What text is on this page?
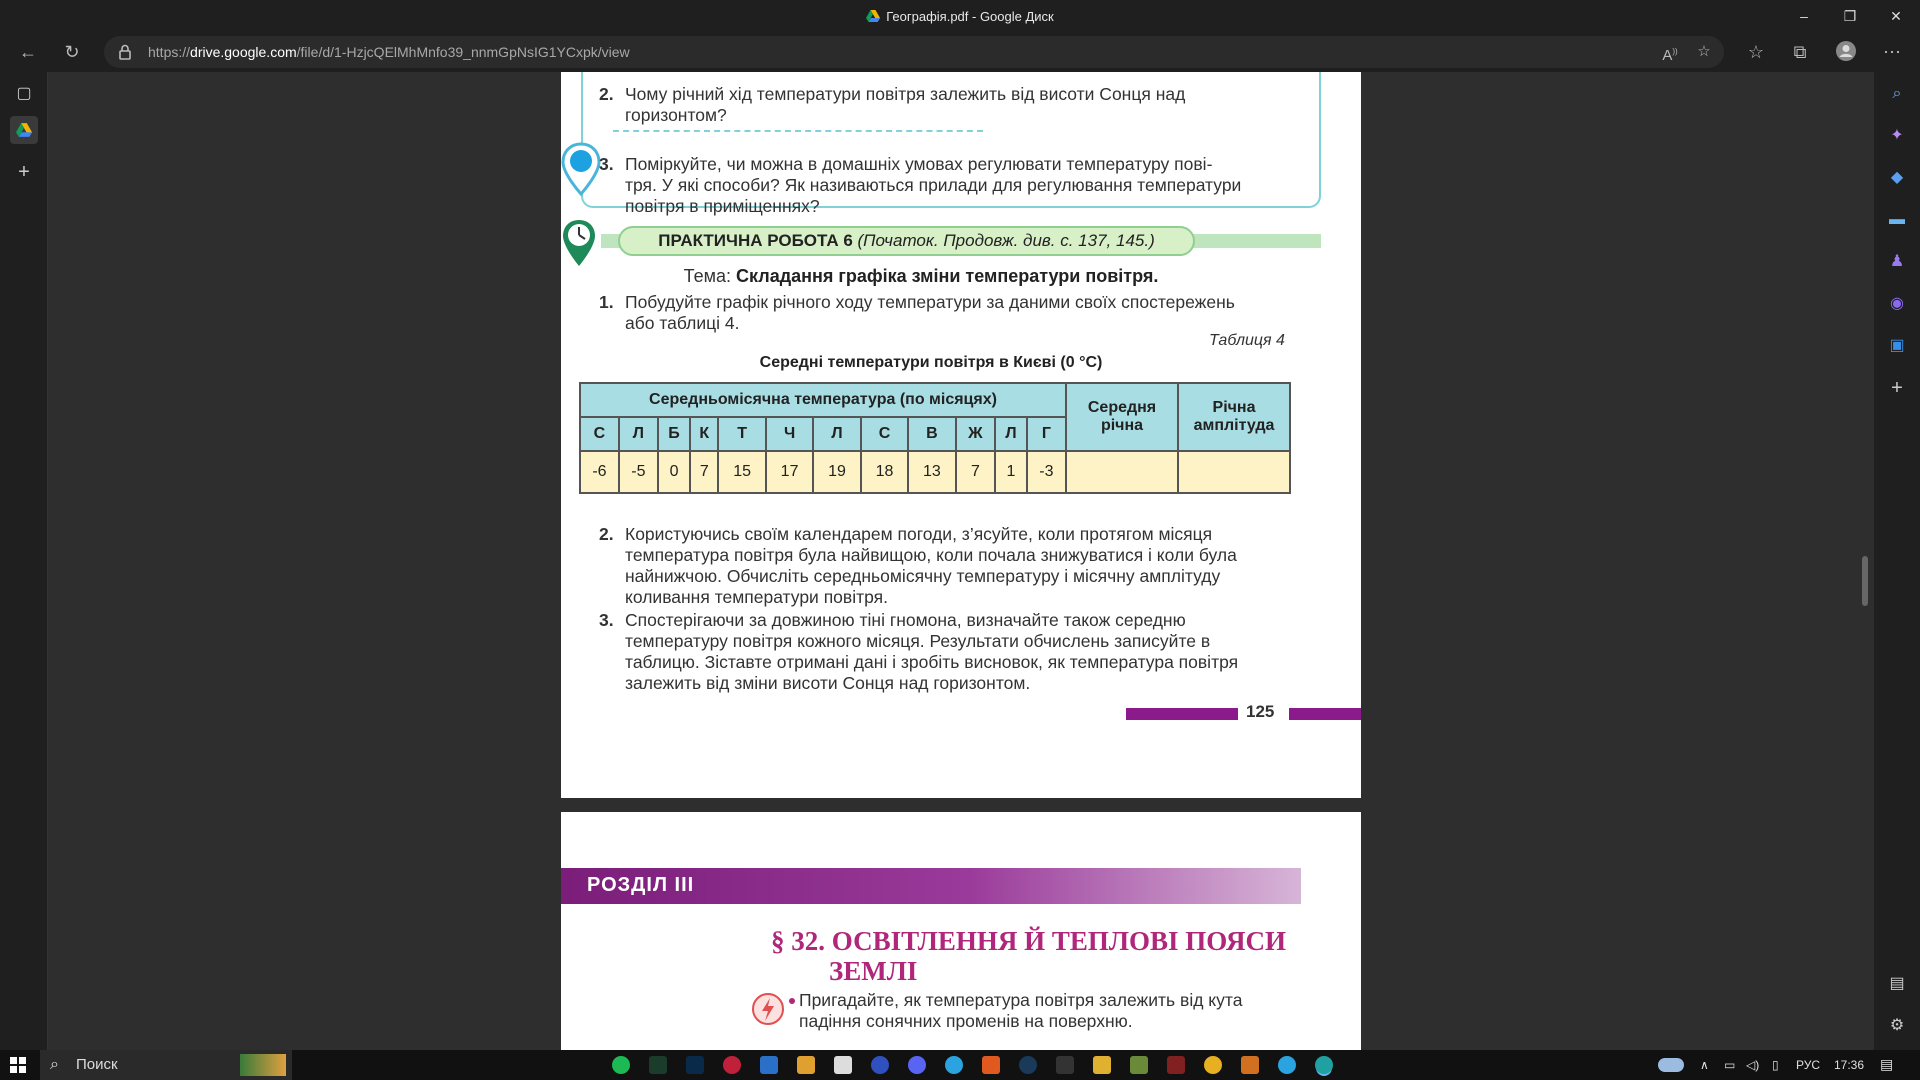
Географія.pdf - Google Диск	–	❐ ✕
← ↻	https://drive.google.com/file/d/1-HzjcQElMhMnfo39_nnmGpNsIG1YCxpk/view	A)) ☆ ☆	⧉	⋯
▢
+
⌕
✦
◆
▬
♟
◉
▣
+
▤
⚙
2. Чому річний хід температури повітря залежить від висоти Сонця над
горизонтом?
3. Поміркуйте, чи можна в домашніх умовах регулювати температуру пові-
тря. У які способи? Як називаються прилади для регулювання температури
повітря в приміщеннях?
ПРАКТИЧНА РОБОТА 6 (Початок. Продовж. див. с. 137, 145.)
Тема: Складання графіка зміни температури повітря.
1. Побудуйте графік річного ходу температури за даними своїх спостережень
або таблиці 4.
Таблиця 4
Середні температури повітря в Києві (0 °С)
Середньомісячна температура (по місяцях)												Середня річна	Річна амплітуда
С	Л	Б	К	Т	Ч	Л	С	В	Ж	Л	Г		
-6	-5	0	7	15	17	19	18	13	7	1	-3		
2. Користуючись своїм календарем погоди, з’ясуйте, коли протягом місяця
температура повітря була найвищою, коли почала знижуватися і коли була
найнижчою. Обчисліть середньомісячну температуру і місячну амплітуду
коливання температури повітря.
3. Спостерігаючи за довжиною тіні гномона, визначайте також середню
температуру повітря кожного місяця. Результати обчислень записуйте в
таблицю. Зіставте отримані дані і зробіть висновок, як температура повітря
залежить від зміни висоти Сонця над горизонтом.
125
РОЗДІЛ III
§ 32. ОСВІТЛЕННЯ Й ТЕПЛОВІ ПОЯСИ
ЗЕМЛІ
Пригадайте, як температура повітря залежить від кута
падіння сонячних променів на поверхню.
⌕ Поиск	∧ ▭ ◁) ▯ РУС 17:36 ▤
